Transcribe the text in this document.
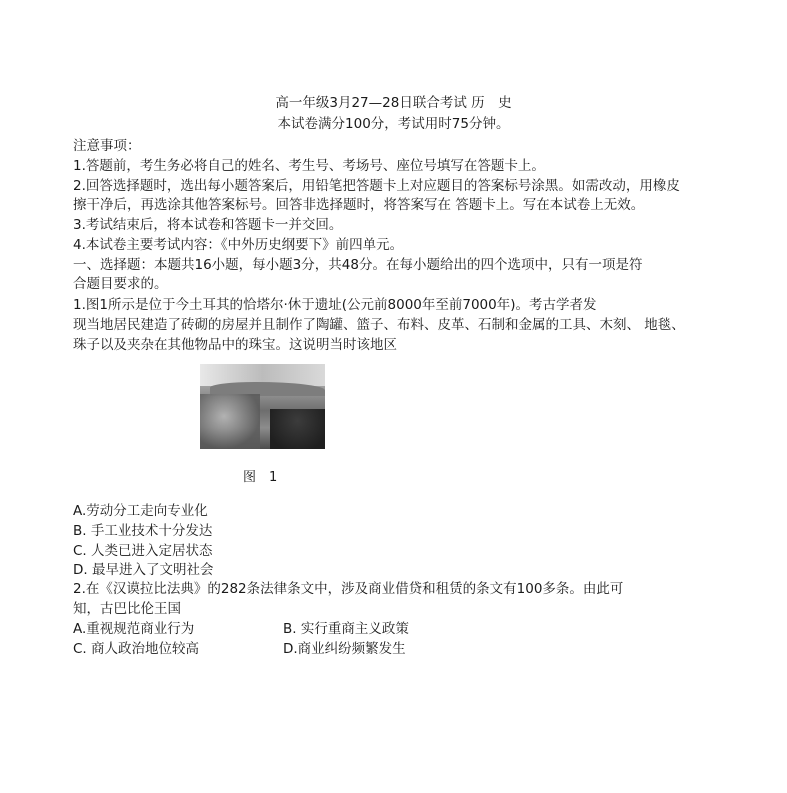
高一年级3月27—28日联合考试 历　史
本试卷满分100分，考试用时75分钟。
注意事项：
1.答题前，考生务必将自己的姓名、考生号、考场号、座位号填写在答题卡上。
2.回答选择题时，选出每小题答案后，用铅笔把答题卡上对应题目的答案标号涂黑。如需改动，用橡皮
擦干净后，再选涂其他答案标号。回答非选择题时，将答案写在 答题卡上。写在本试卷上无效。
3.考试结束后，将本试卷和答题卡一并交回。
4.本试卷主要考试内容：《中外历史纲要下》前四单元。
一、选择题：本题共16小题，每小题3分，共48分。在每小题给出的四个选项中，只有一项是符
合题目要求的。
1.图1所示是位于今土耳其的恰塔尔·休于遗址(公元前8000年至前7000年)。考古学者发
现当地居民建造了砖砌的房屋并且制作了陶罐、篮子、布料、皮革、石制和金属的工具、木刻、 地毯、
珠子以及夹杂在其他物品中的珠宝。这说明当时该地区
图　1
A.劳动分工走向专业化
B. 手工业技术十分发达
C. 人类已进入定居状态
D. 最早进入了文明社会
2.在《汉谟拉比法典》的282条法律条文中，涉及商业借贷和租赁的条文有100多条。由此可
知，古巴比伦王国
A.重视规范商业行为	B. 实行重商主义政策
C. 商人政治地位较高	D.商业纠纷频繁发生
